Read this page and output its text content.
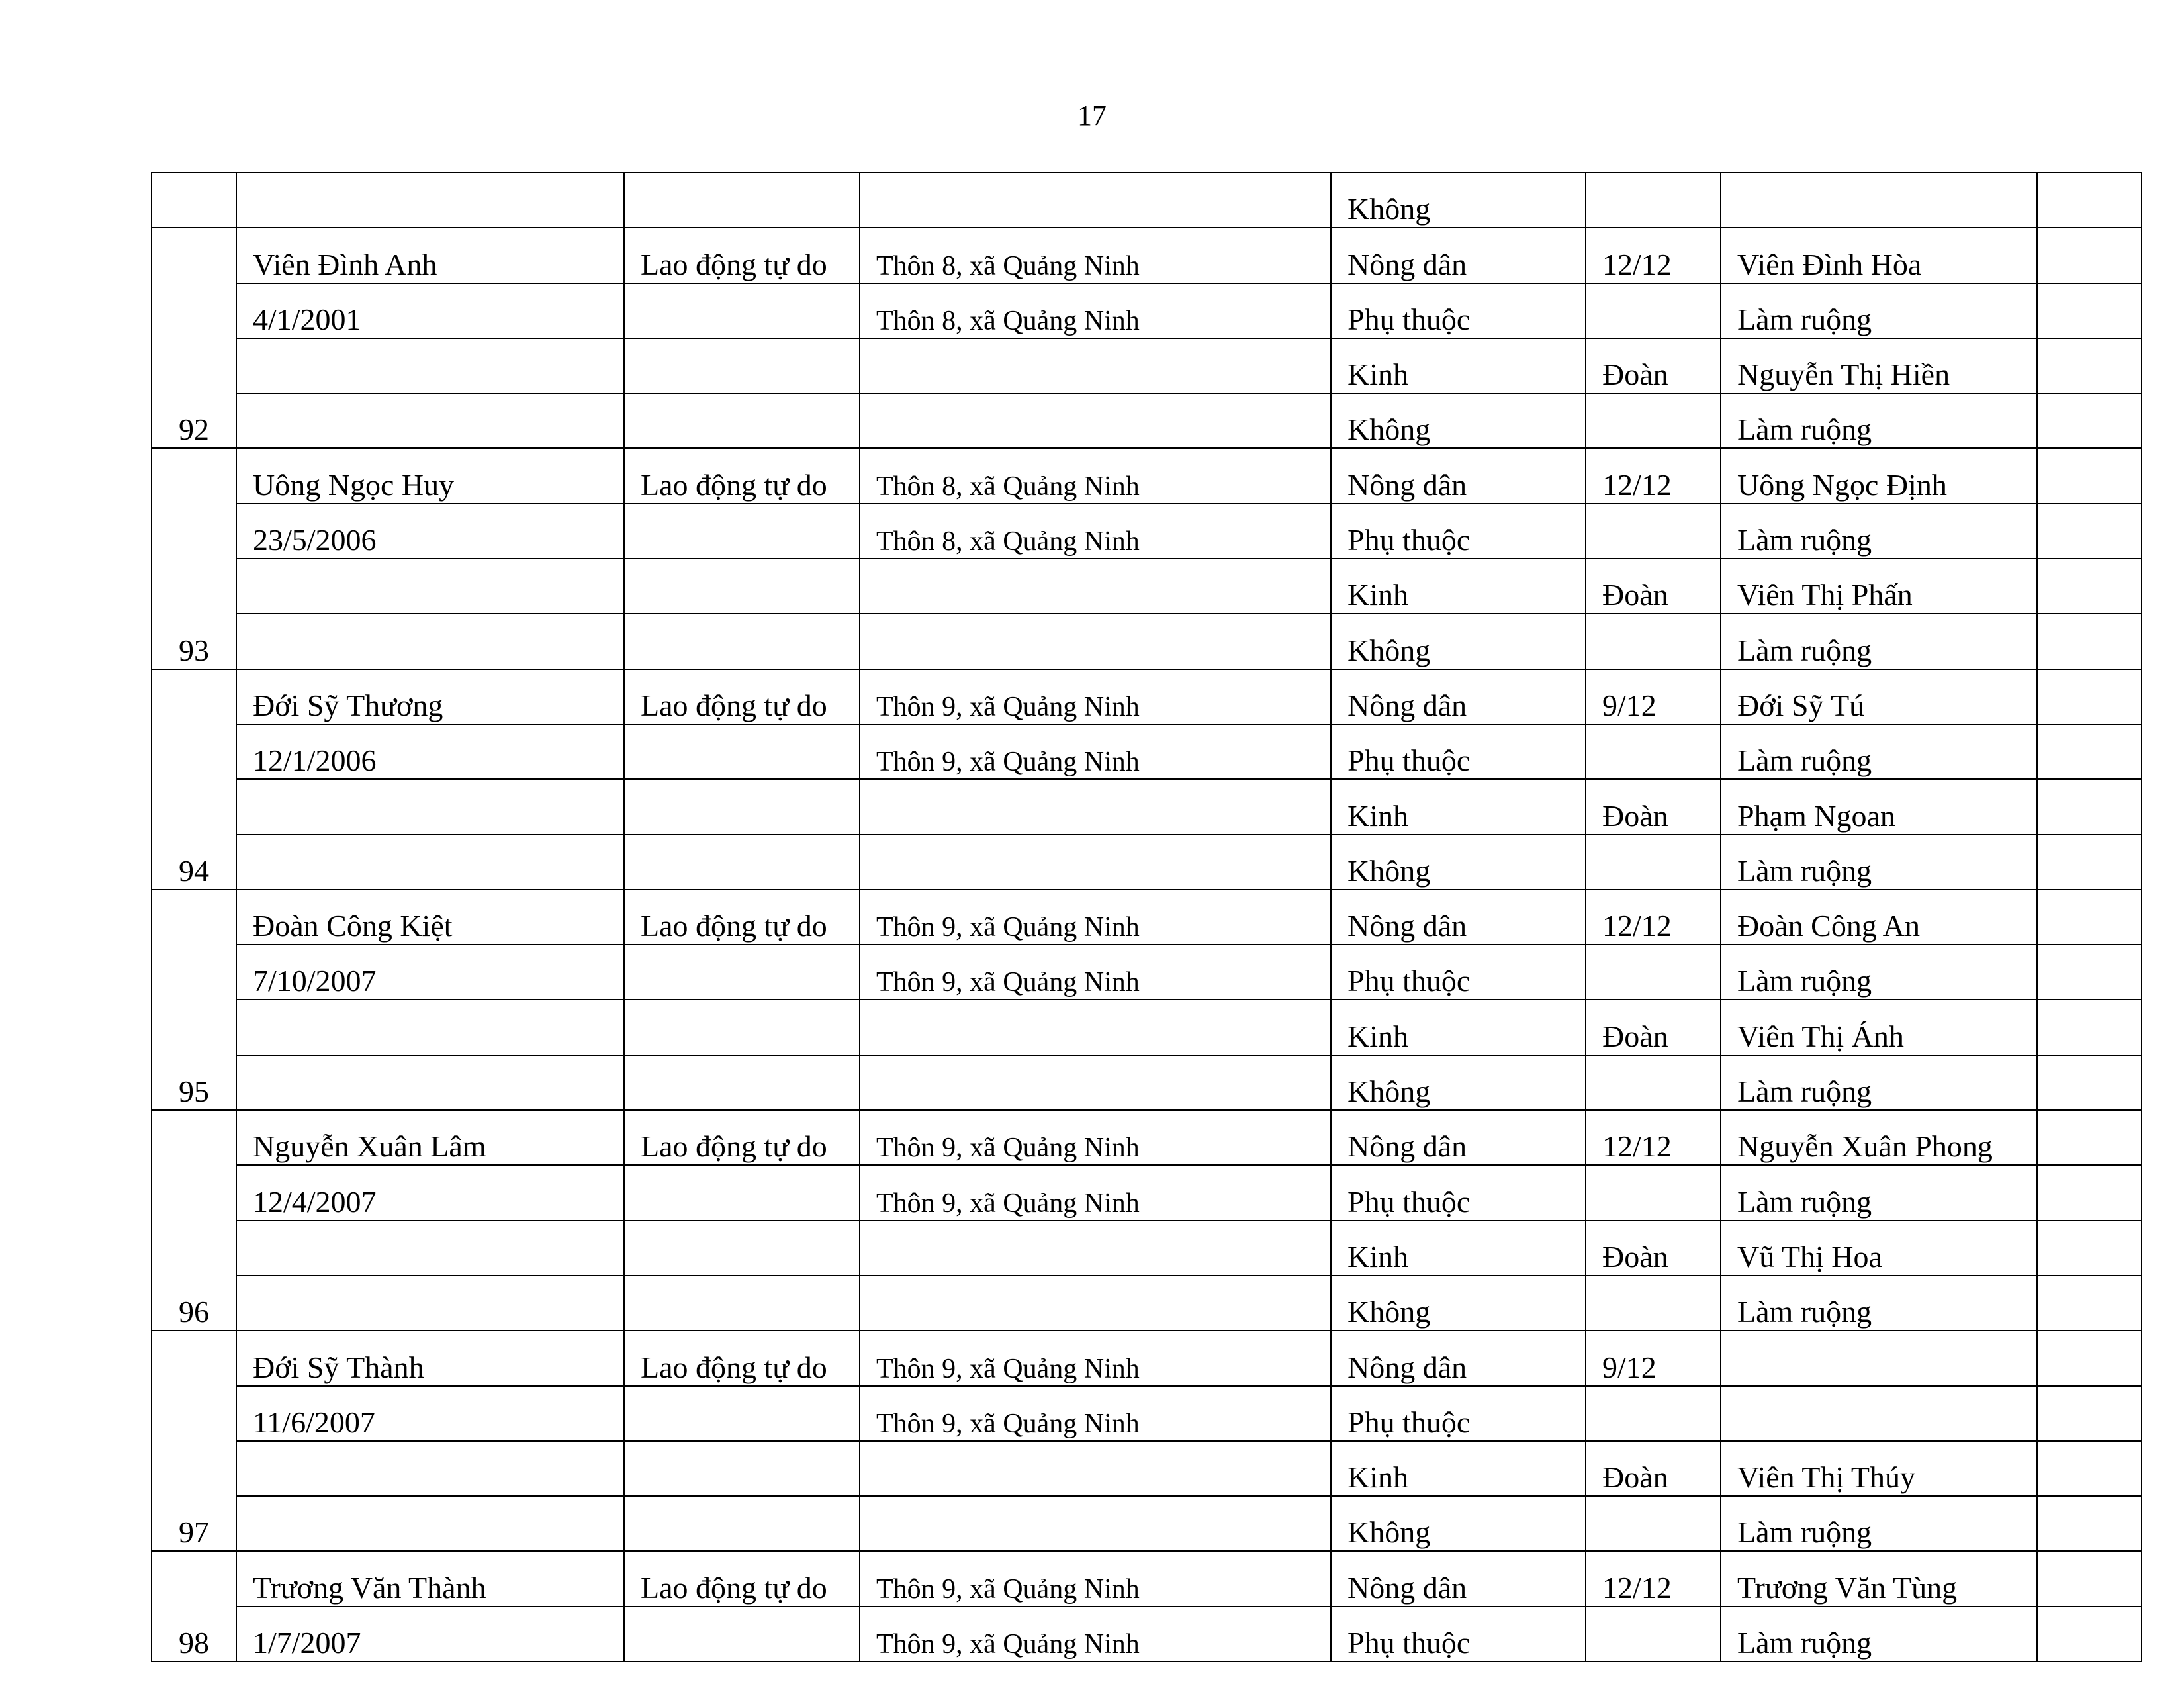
17
				Không			
92	Viên Đình Anh	Lao động tự do	Thôn 8, xã Quảng Ninh	Nông dân	12/12	Viên Đình Hòa	
	4/1/2001		Thôn 8, xã Quảng Ninh	Phụ thuộc		Làm ruộng	
				Kinh	Đoàn	Nguyễn Thị Hiền	
				Không		Làm ruộng	
93	Uông Ngọc Huy	Lao động tự do	Thôn 8, xã Quảng Ninh	Nông dân	12/12	Uông Ngọc Định	
	23/5/2006		Thôn 8, xã Quảng Ninh	Phụ thuộc		Làm ruộng	
				Kinh	Đoàn	Viên Thị Phấn	
				Không		Làm ruộng	
94	Đới Sỹ Thương	Lao động tự do	Thôn 9, xã Quảng Ninh	Nông dân	9/12	Đới Sỹ Tú	
	12/1/2006		Thôn 9, xã Quảng Ninh	Phụ thuộc		Làm ruộng	
				Kinh	Đoàn	Phạm Ngoan	
				Không		Làm ruộng	
95	Đoàn Công Kiệt	Lao động tự do	Thôn 9, xã Quảng Ninh	Nông dân	12/12	Đoàn Công An	
	7/10/2007		Thôn 9, xã Quảng Ninh	Phụ thuộc		Làm ruộng	
				Kinh	Đoàn	Viên Thị Ánh	
				Không		Làm ruộng	
96	Nguyễn Xuân Lâm	Lao động tự do	Thôn 9, xã Quảng Ninh	Nông dân	12/12	Nguyễn Xuân Phong	
	12/4/2007		Thôn 9, xã Quảng Ninh	Phụ thuộc		Làm ruộng	
				Kinh	Đoàn	Vũ Thị Hoa	
				Không		Làm ruộng	
97	Đới Sỹ Thành	Lao động tự do	Thôn 9, xã Quảng Ninh	Nông dân	9/12		
	11/6/2007		Thôn 9, xã Quảng Ninh	Phụ thuộc			
				Kinh	Đoàn	Viên Thị Thúy	
				Không		Làm ruộng	
98	Trương Văn Thành	Lao động tự do	Thôn 9, xã Quảng Ninh	Nông dân	12/12	Trương Văn Tùng	
	1/7/2007		Thôn 9, xã Quảng Ninh	Phụ thuộc		Làm ruộng	
